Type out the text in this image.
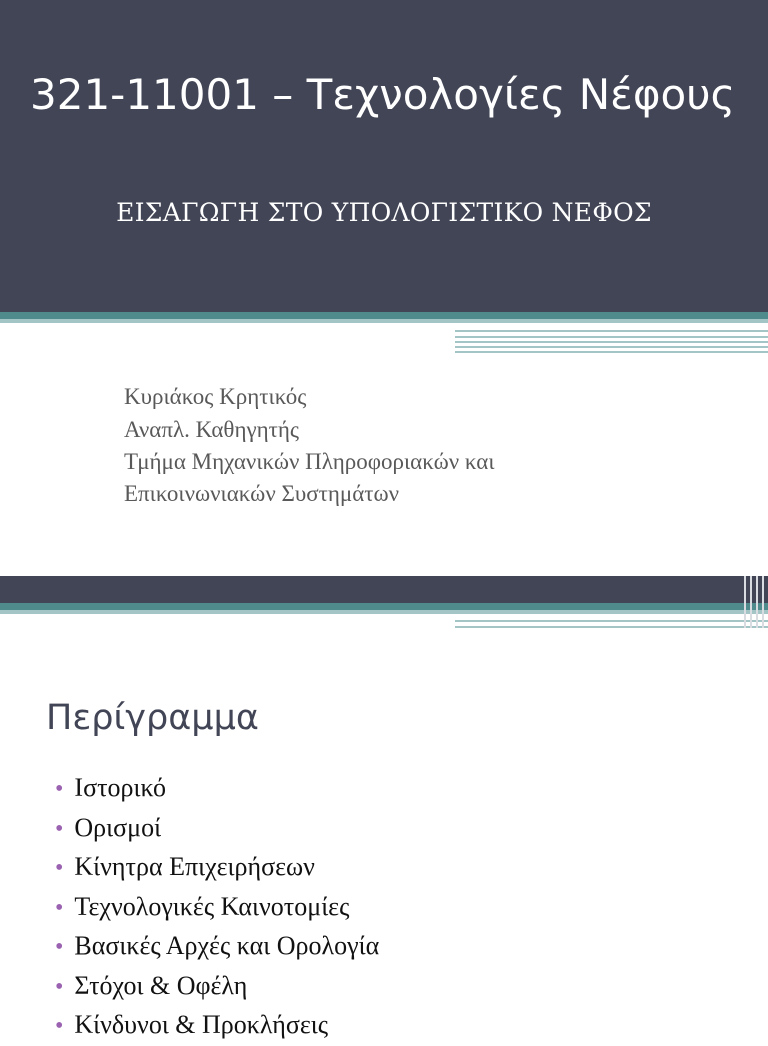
321-11001 – Τεχνολογίες Νέφους
ΕΙΣΑΓΩΓΗ ΣΤΟ ΥΠΟΛΟΓΙΣΤΙΚΟ ΝΕΦΟΣ
Κυριάκος Κρητικός
Αναπλ. Καθηγητής
Τμήμα Μηχανικών Πληροφοριακών και
Επικοινωνιακών Συστημάτων
Περίγραμμα
• Ιστορικό
• Ορισμοί
• Κίνητρα Επιχειρήσεων
• Τεχνολογικές Καινοτομίες
• Βασικές Αρχές και Ορολογία
• Στόχοι & Οφέλη
• Κίνδυνοι & Προκλήσεις
